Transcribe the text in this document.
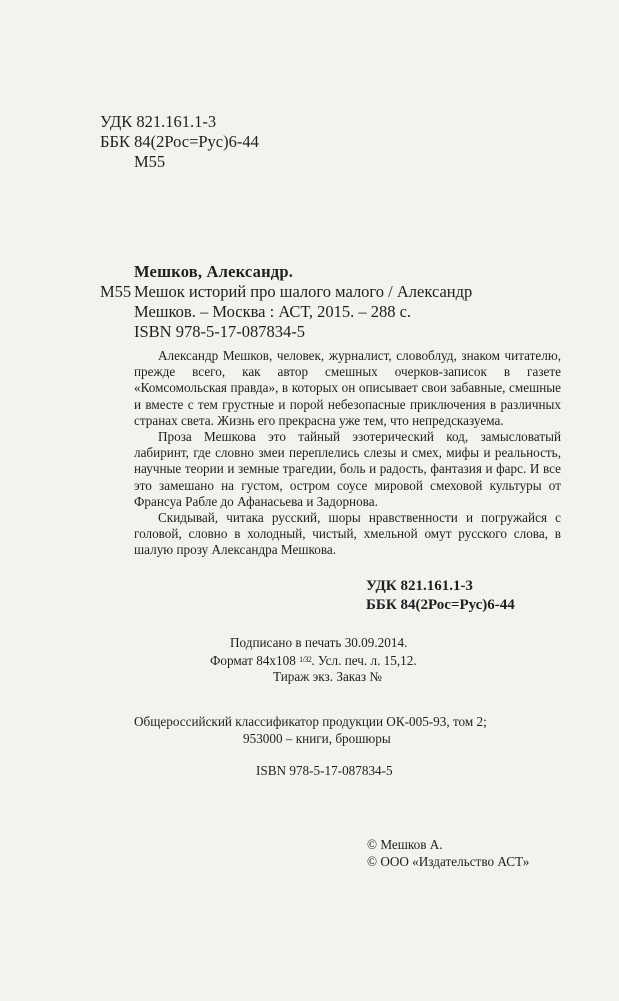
УДК 821.161.1-3
ББК 84(2Рос=Рус)6-44
М55
Мешков, Александр.
М55 Мешок историй про шалого малого / Александр
Мешков. – Москва : АСТ, 2015. – 288 с.
ISBN 978-5-17-087834-5

Александр Мешков, человек, журналист, словоблуд, знаком читателю, прежде всего, как автор смешных очерков-записок в газете «Комсомольская правда», в которых он описывает свои забавные, смешные и вместе с тем грустные и порой небезопасные приключения в различных странах света. Жизнь его прекрасна уже тем, что непредсказуема.

Проза Мешкова это тайный эзотерический код, замысловатый лабиринт, где словно змеи переплелись слезы и смех, мифы и реальность, научные теории и земные трагедии, боль и радость, фантазия и фарс. И все это замешано на густом, остром соусе мировой смеховой культуры от Франсуа Рабле до Афанасьева и Задорнова.

Скидывай, читака русский, шоры нравственности и погружайся с головой, словно в холодный, чистый, хмельной омут русского слова, в шалую прозу Александра Мешкова.

УДК 821.161.1-3
ББК 84(2Рос=Рус)6-44
Подписано в печать 30.09.2014.
Формат 84x108 $^{1/32}$. Усл. печ. л. 15,12.
Тираж экз. Заказ №
Общероссийский классификатор продукции ОК-005-93, том 2;
953000 – книги, брошюры
ISBN 978-5-17-087834-5
© Мешков А.
© ООО «Издательство АСТ»
